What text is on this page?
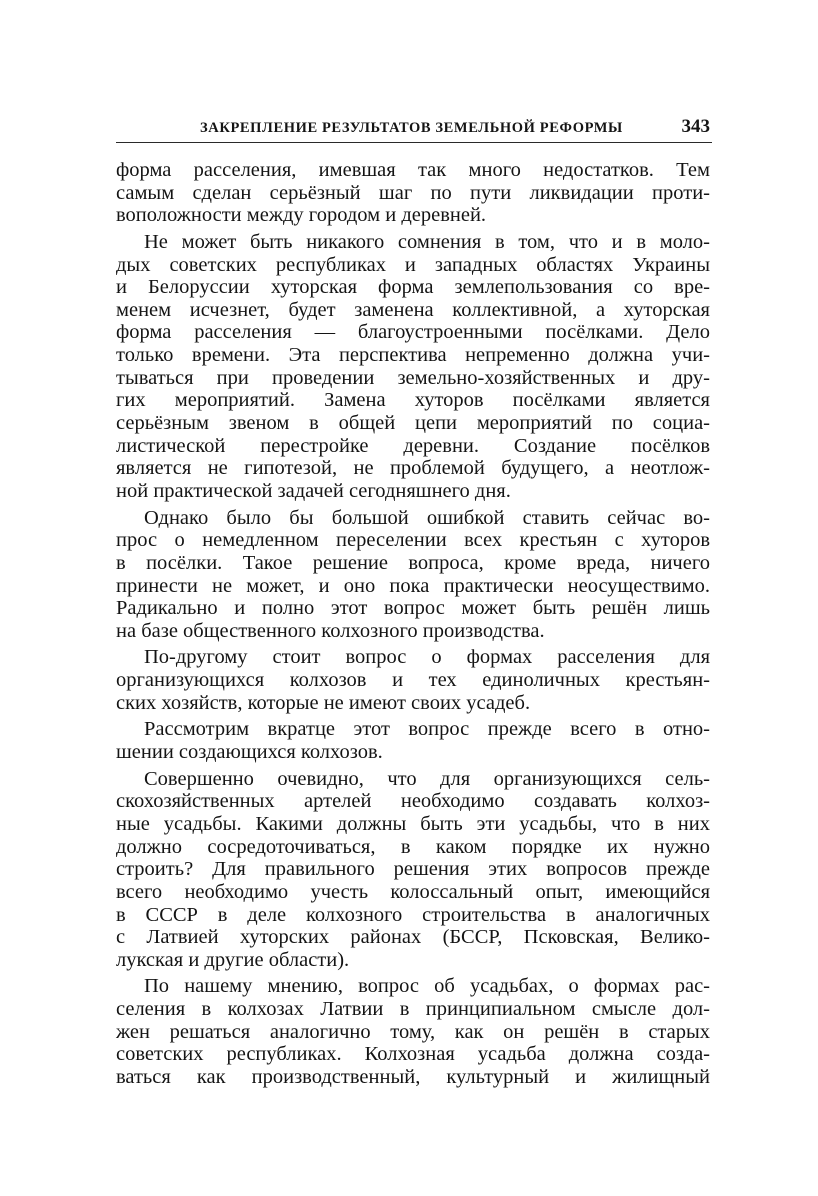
ЗАКРЕПЛЕНИЕ РЕЗУЛЬТАТОВ ЗЕМЕЛЬНОЙ РЕФОРМЫ	343
форма расселения, имевшая так много недостатков. Тем
самым сделан серьёзный шаг по пути ликвидации проти-
воположности между городом и деревней.
Не может быть никакого сомнения в том, что и в моло-
дых советских республиках и западных областях Украины
и Белоруссии хуторская форма землепользования со вре-
менем исчезнет, будет заменена коллективной, а хуторская
форма расселения — благоустроенными посёлками. Дело
только времени. Эта перспектива непременно должна учи-
тываться при проведении земельно-хозяйственных и дру-
гих мероприятий. Замена хуторов посёлками является
серьёзным звеном в общей цепи мероприятий по социа-
листической перестройке деревни. Создание посёлков
является не гипотезой, не проблемой будущего, а неотлож-
ной практической задачей сегодняшнего дня.
Однако было бы большой ошибкой ставить сейчас во-
прос о немедленном переселении всех крестьян с хуторов
в посёлки. Такое решение вопроса, кроме вреда, ничего
принести не может, и оно пока практически неосуществимо.
Радикально и полно этот вопрос может быть решён лишь
на базе общественного колхозного производства.
По-другому стоит вопрос о формах расселения для
организующихся колхозов и тех единоличных крестьян-
ских хозяйств, которые не имеют своих усадеб.
Рассмотрим вкратце этот вопрос прежде всего в отно-
шении создающихся колхозов.
Совершенно очевидно, что для организующихся сель-
скохозяйственных артелей необходимо создавать колхоз-
ные усадьбы. Какими должны быть эти усадьбы, что в них
должно сосредоточиваться, в каком порядке их нужно
строить? Для правильного решения этих вопросов прежде
всего необходимо учесть колоссальный опыт, имеющийся
в СССР в деле колхозного строительства в аналогичных
с Латвией хуторских районах (БССР, Псковская, Велико-
лукская и другие области).
По нашему мнению, вопрос об усадьбах, о формах рас-
селения в колхозах Латвии в принципиальном смысле дол-
жен решаться аналогично тому, как он решён в старых
советских республиках. Колхозная усадьба должна созда-
ваться как производственный, культурный и жилищный
